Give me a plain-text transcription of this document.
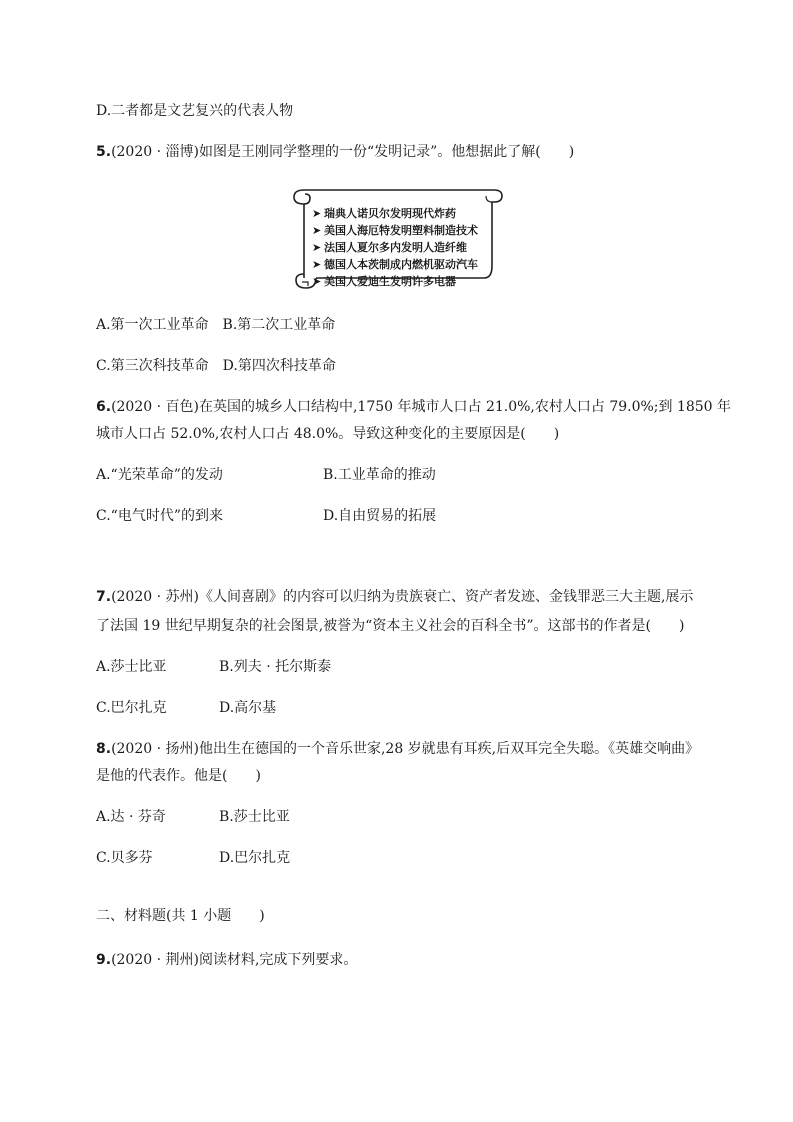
D.二者都是文艺复兴的代表人物
5.(2020 · 淄博)如图是王刚同学整理的一份“发明记录”。他想据此了解(　　)
➤ 瑞典人诺贝尔发明现代炸药
➤ 美国人海厄特发明塑料制造技术
➤ 法国人夏尔多内发明人造纤维
➤ 德国人本茨制成内燃机驱动汽车
➤ 美国人爱迪生发明许多电器
A.第一次工业革命　B.第二次工业革命
C.第三次科技革命　D.第四次科技革命
6.(2020 · 百色)在英国的城乡人口结构中,1750 年城市人口占 21.0%,农村人口占 79.0%;到 1850 年
城市人口占 52.0%,农村人口占 48.0%。导致这种变化的主要原因是(　　)
A.“光荣革命”的发动	B.工业革命的推动
C.“电气时代”的到来	D.自由贸易的拓展
7.(2020 · 苏州)《人间喜剧》的内容可以归纳为贵族衰亡、资产者发迹、金钱罪恶三大主题,展示
了法国 19 世纪早期复杂的社会图景,被誉为“资本主义社会的百科全书”。这部书的作者是(　　)
A.莎士比亚	B.列夫 · 托尔斯泰
C.巴尔扎克	D.高尔基
8.(2020 · 扬州)他出生在德国的一个音乐世家,28 岁就患有耳疾,后双耳完全失聪。《英雄交响曲》
是他的代表作。他是(　　)
A.达 · 芬奇	B.莎士比亚
C.贝多芬	D.巴尔扎克
二、材料题(共 1 小题　　)
9.(2020 · 荆州)阅读材料,完成下列要求。
